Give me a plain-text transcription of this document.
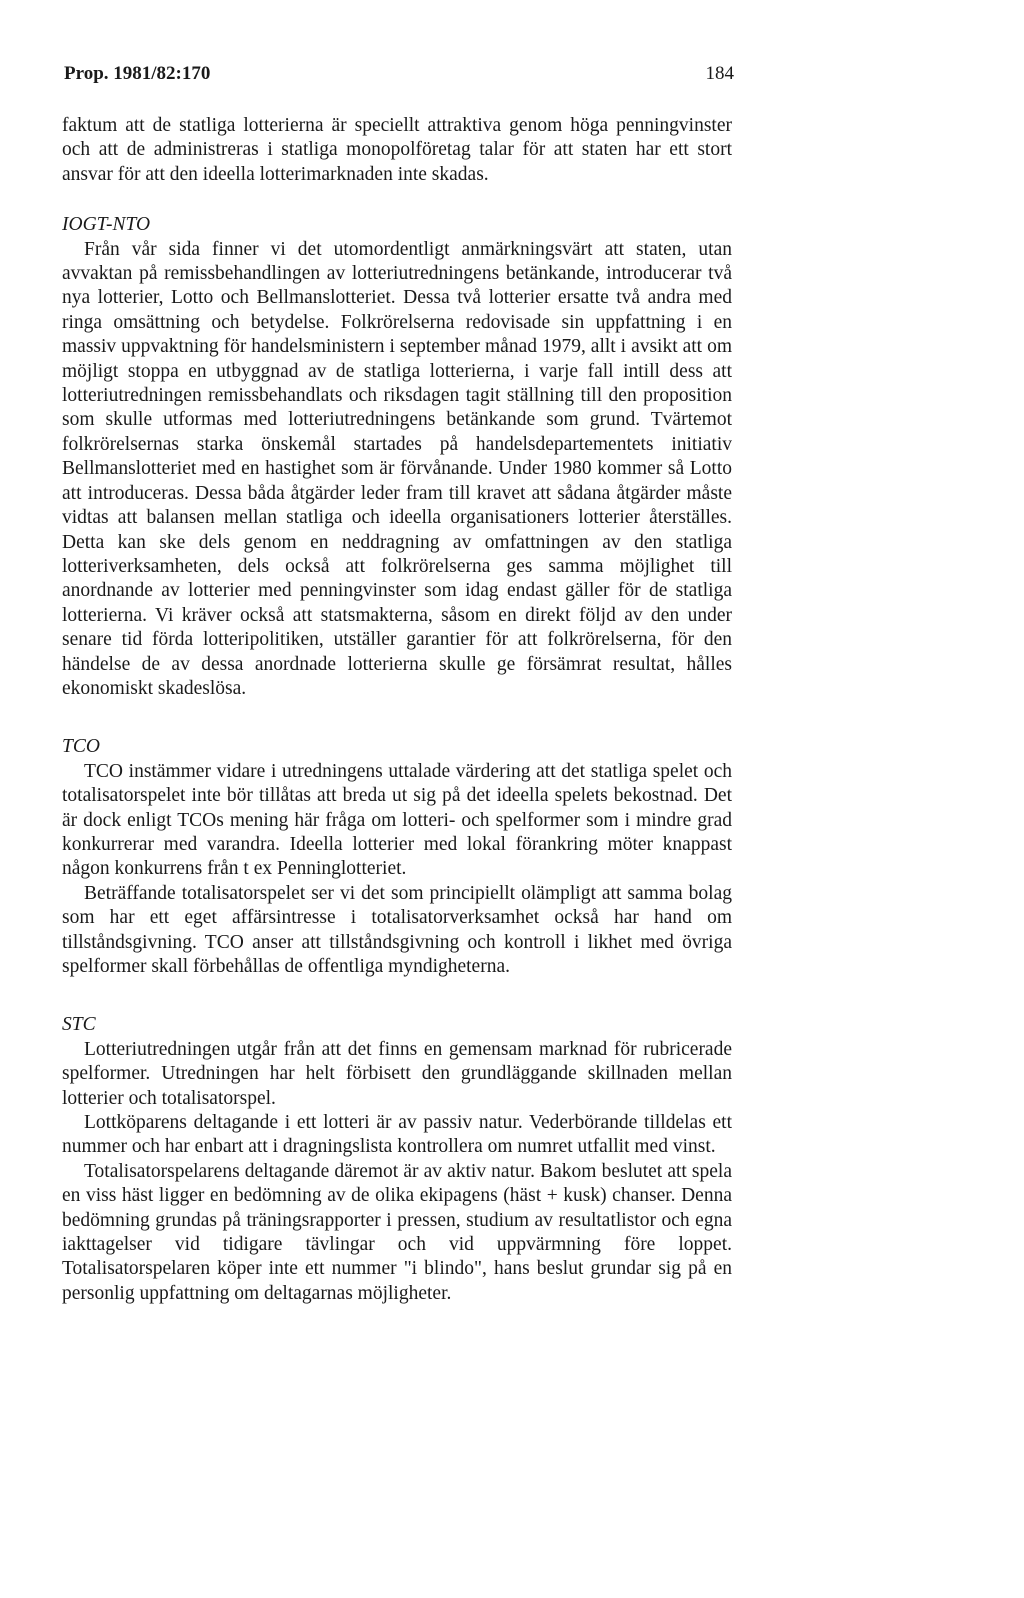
Prop. 1981/82:170	184

faktum att de statliga lotterierna är speciellt attraktiva genom höga penningvinster och att de administreras i statliga monopolföretag talar för att staten har ett stort ansvar för att den ideella lotterimarknaden inte skadas.

IOGT-NTO

Från vår sida finner vi det utomordentligt anmärkningsvärt att staten, utan avvaktan på remissbehandlingen av lotteriutredningens betänkande, introducerar två nya lotterier, Lotto och Bellmanslotteriet. Dessa två lotterier ersatte två andra med ringa omsättning och betydelse. Folkrörelserna redovisade sin uppfattning i en massiv uppvaktning för handelsministern i september månad 1979, allt i avsikt att om möjligt stoppa en utbyggnad av de statliga lotterierna, i varje fall intill dess att lotteriutredningen remissbehandlats och riksdagen tagit ställning till den proposition som skulle utformas med lotteriutredningens betänkande som grund. Tvärtemot folkrörelsernas starka önskemål startades på handelsdepartementets initiativ Bellmanslotteriet med en hastighet som är förvånande. Under 1980 kommer så Lotto att introduceras. Dessa båda åtgärder leder fram till kravet att sådana åtgärder måste vidtas att balansen mellan statliga och ideella organisationers lotterier återställes. Detta kan ske dels genom en neddragning av omfattningen av den statliga lotteriverksamheten, dels också att folkrörelserna ges samma möjlighet till anordnande av lotterier med penningvinster som idag endast gäller för de statliga lotterierna. Vi kräver också att statsmakterna, såsom en direkt följd av den under senare tid förda lotteripolitiken, utställer garantier för att folkrörelserna, för den händelse de av dessa anordnade lotterierna skulle ge försämrat resultat, hålles ekonomiskt skadeslösa.

TCO

TCO instämmer vidare i utredningens uttalade värdering att det statliga spelet och totalisatorspelet inte bör tillåtas att breda ut sig på det ideella spelets bekostnad. Det är dock enligt TCOs mening här fråga om lotteri- och spelformer som i mindre grad konkurrerar med varandra. Ideella lotterier med lokal förankring möter knappast någon konkurrens från t ex Penninglotteriet.

Beträffande totalisatorspelet ser vi det som principiellt olämpligt att samma bolag som har ett eget affärsintresse i totalisatorverksamhet också har hand om tillståndsgivning. TCO anser att tillståndsgivning och kontroll i likhet med övriga spelformer skall förbehållas de offentliga myndigheterna.

STC

Lotteriutredningen utgår från att det finns en gemensam marknad för rubricerade spelformer. Utredningen har helt förbisett den grundläggande skillnaden mellan lotterier och totalisatorspel.

Lottköparens deltagande i ett lotteri är av passiv natur. Vederbörande tilldelas ett nummer och har enbart att i dragningslista kontrollera om numret utfallit med vinst.

Totalisatorspelarens deltagande däremot är av aktiv natur. Bakom beslutet att spela en viss häst ligger en bedömning av de olika ekipagens (häst + kusk) chanser. Denna bedömning grundas på träningsrapporter i pressen, studium av resultatlistor och egna iakttagelser vid tidigare tävlingar och vid uppvärmning före loppet. Totalisatorspelaren köper inte ett nummer "i blindo", hans beslut grundar sig på en personlig uppfattning om deltagarnas möjligheter.
